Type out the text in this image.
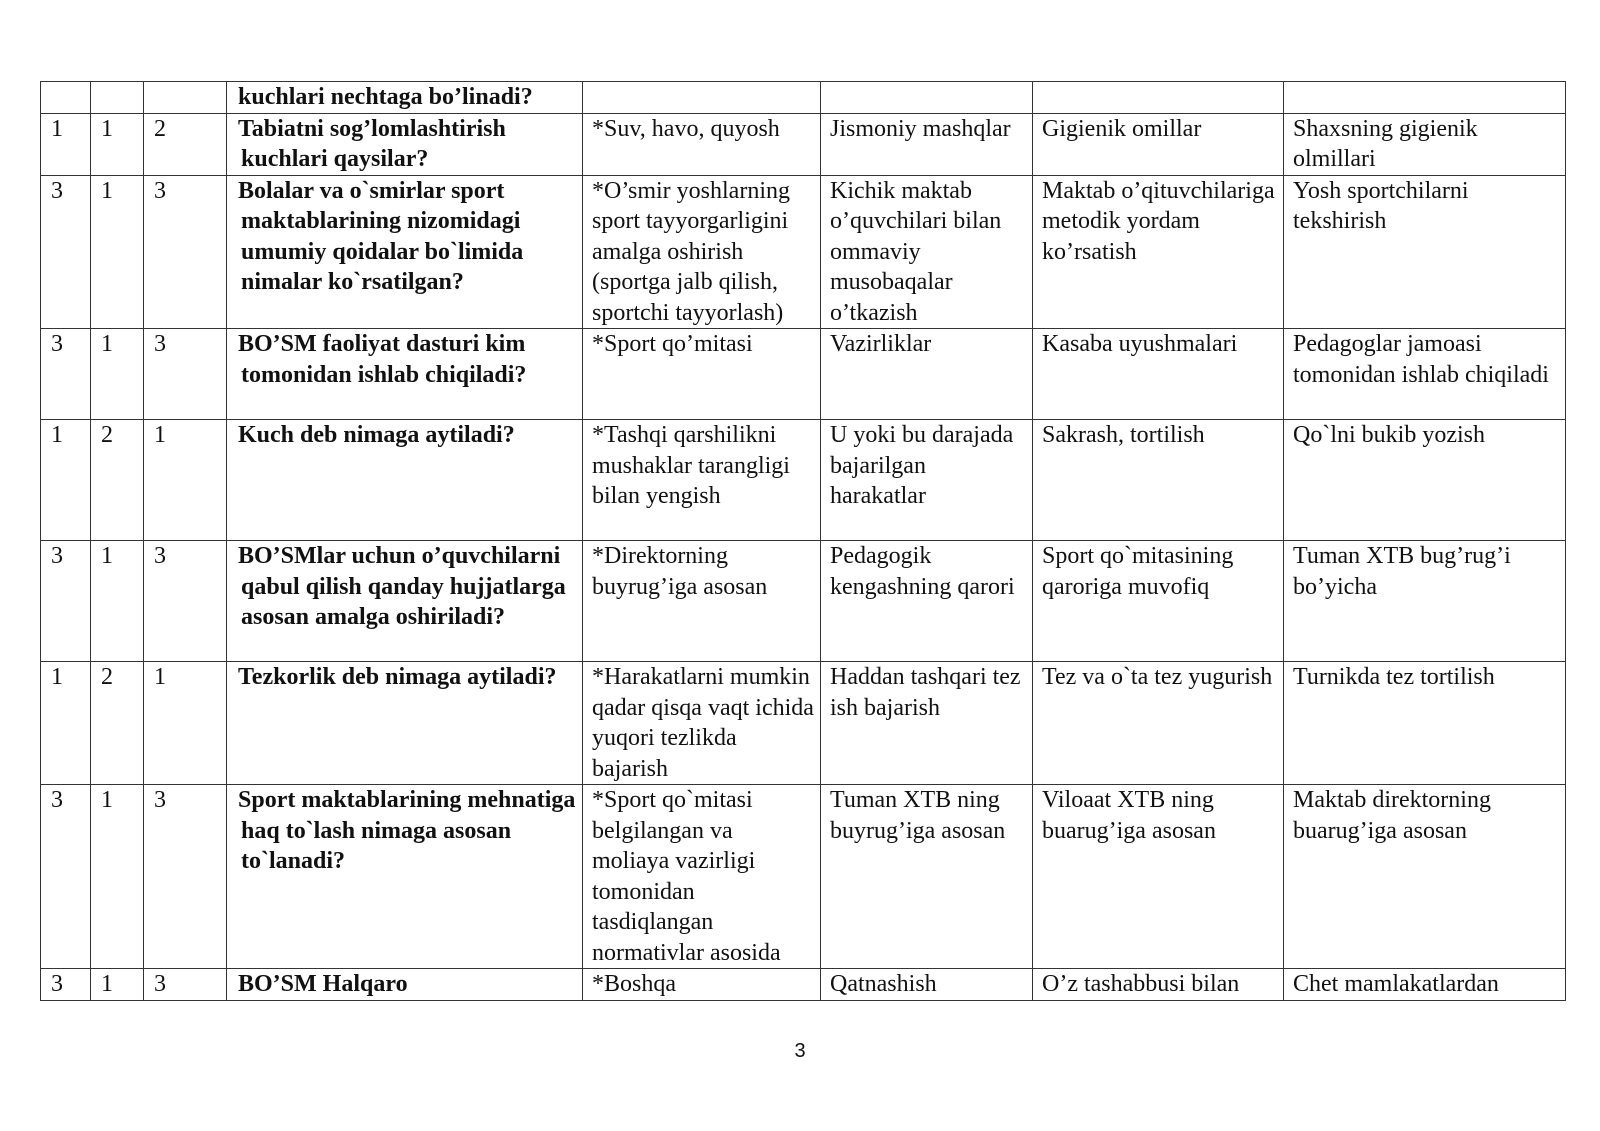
			kuchlari nechtaga bo’linadi?				

1	1	2	Tabiatni sog’lomlashtirish kuchlari qaysilar?	*Suv, havo, quyosh	Jismoniy mashqlar	Gigienik omillar	Shaxsning gigienik olmillari
3	1	3	Bolalar va o`smirlar sport maktablarining nizomidagi umumiy qoidalar bo`limida nimalar ko`rsatilgan?	*O’smir yoshlarning sport tayyorgarligini amalga oshirish (sportga jalb qilish, sportchi tayyorlash)	Kichik maktab o’quvchilari bilan ommaviy musobaqalar o’tkazish	Maktab o’qituvchilariga metodik yordam ko’rsatish	Yosh sportchilarni tekshirish
3	1	3	BO’SM faoliyat dasturi kim tomonidan ishlab chiqiladi?	*Sport qo’mitasi	Vazirliklar	Kasaba uyushmalari	Pedagoglar jamoasi tomonidan ishlab chiqiladi
1	2	1	Kuch deb nimaga aytiladi?	*Tashqi qarshilikni mushaklar tarangligi bilan yengish	U yoki bu darajada bajarilgan harakatlar	Sakrash, tortilish	Qo`lni bukib yozish
3	1	3	BO’SMlar uchun o’quvchilarni qabul qilish qanday hujjatlarga asosan amalga oshiriladi?	*Direktorning buyrug’iga asosan	Pedagogik kengashning qarori	Sport qo`mitasining qaroriga muvofiq	Tuman XTB bug’rug’i bo’yicha
1	2	1	Tezkorlik deb nimaga aytiladi?	*Harakatlarni mumkin qadar qisqa vaqt ichida yuqori tezlikda bajarish	Haddan tashqari tez ish bajarish	Tez va o`ta tez yugurish	Turnikda tez tortilish
3	1	3	Sport maktablarining mehnatiga haq to`lash nimaga asosan to`lanadi?	*Sport qo`mitasi belgilangan va moliaya vazirligi tomonidan tasdiqlangan normativlar asosida	Tuman XTB ning buyrug’iga asosan	Viloaat XTB ning buarug’iga asosan	Maktab direktorning buarug’iga asosan
3	1	3	BO’SM Halqaro	*Boshqa	Qatnashish	O’z tashabbusi bilan	Chet mamlakatlardan
3
